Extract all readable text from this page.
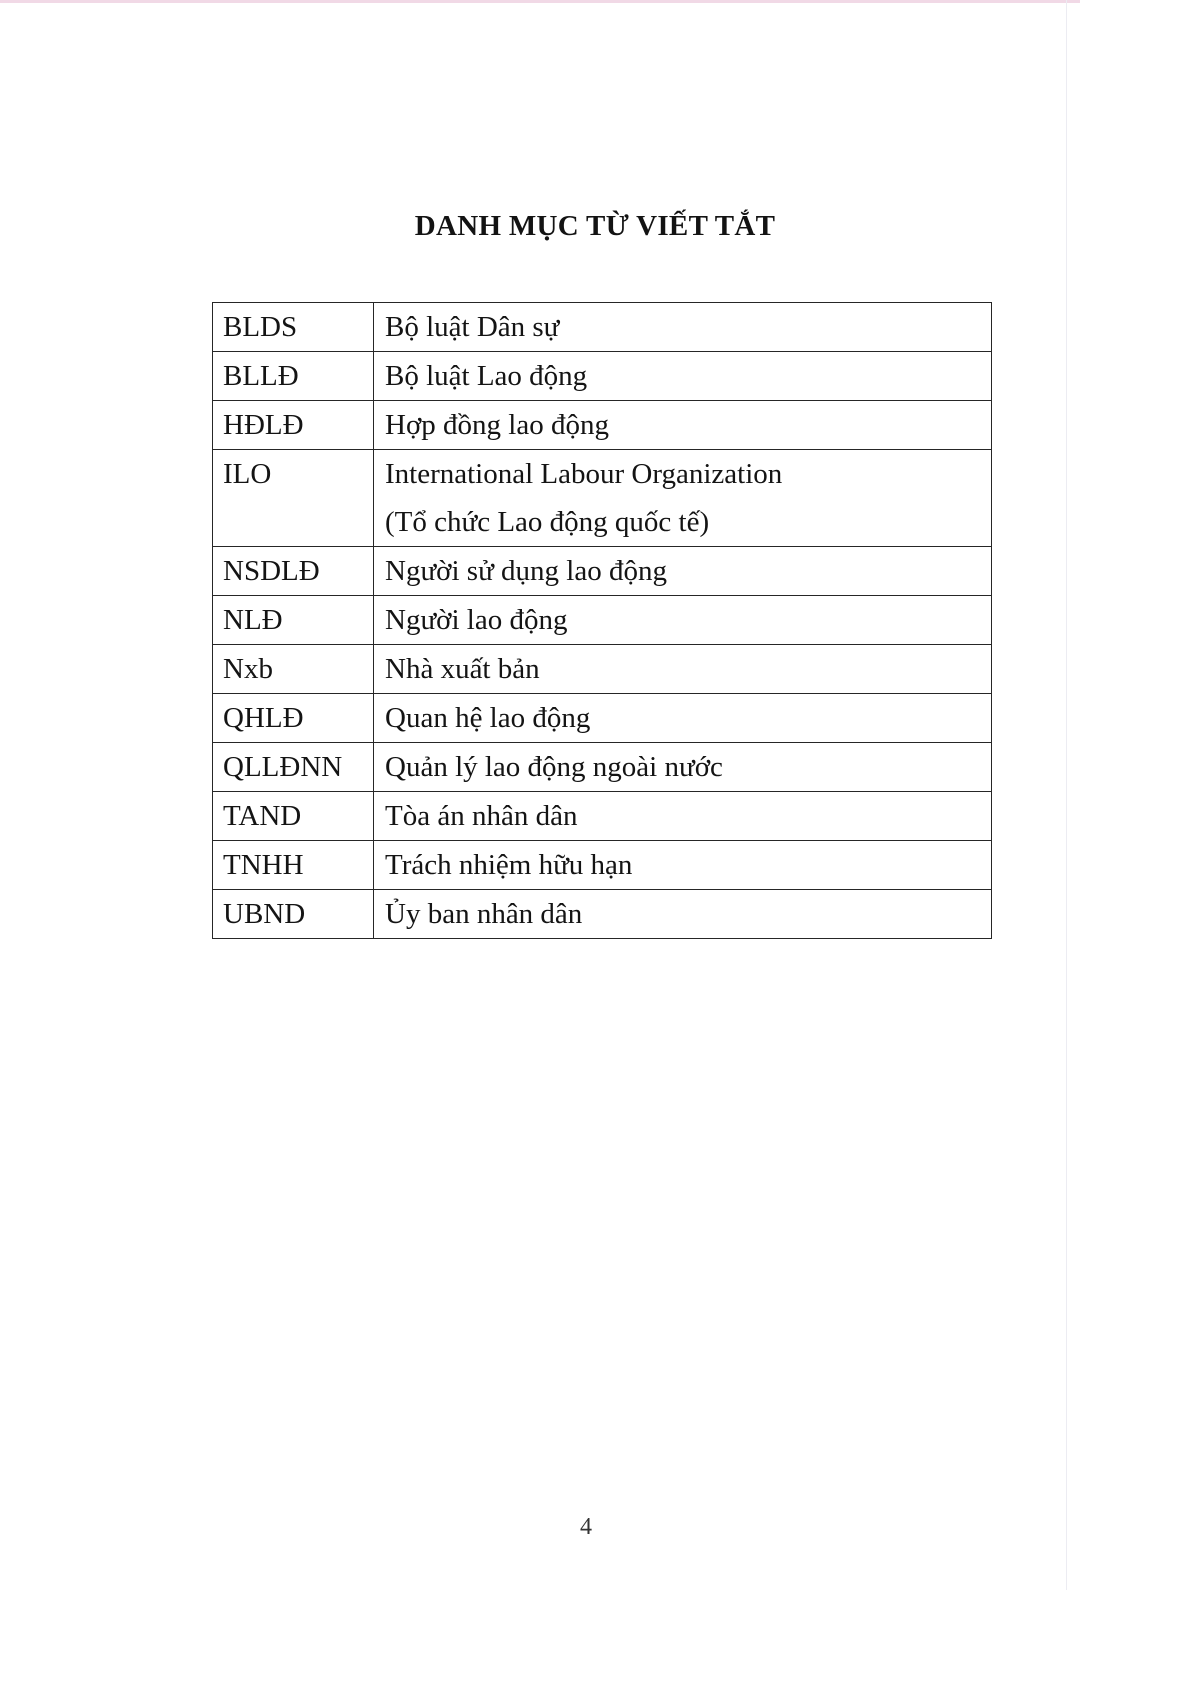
DANH MỤC TỪ VIẾT TẮT
BLDS	Bộ luật Dân sự

BLLĐ	Bộ luật Lao động

HĐLĐ	Hợp đồng lao động

ILO	International Labour Organization
(Tổ chức Lao động quốc tế)

NSDLĐ	Người sử dụng lao động

NLĐ	Người lao động

Nxb	Nhà xuất bản

QHLĐ	Quan hệ lao động

QLLĐNN	Quản lý lao động ngoài nước

TAND	Tòa án nhân dân

TNHH	Trách nhiệm hữu hạn

UBND	Ủy ban nhân dân
4
